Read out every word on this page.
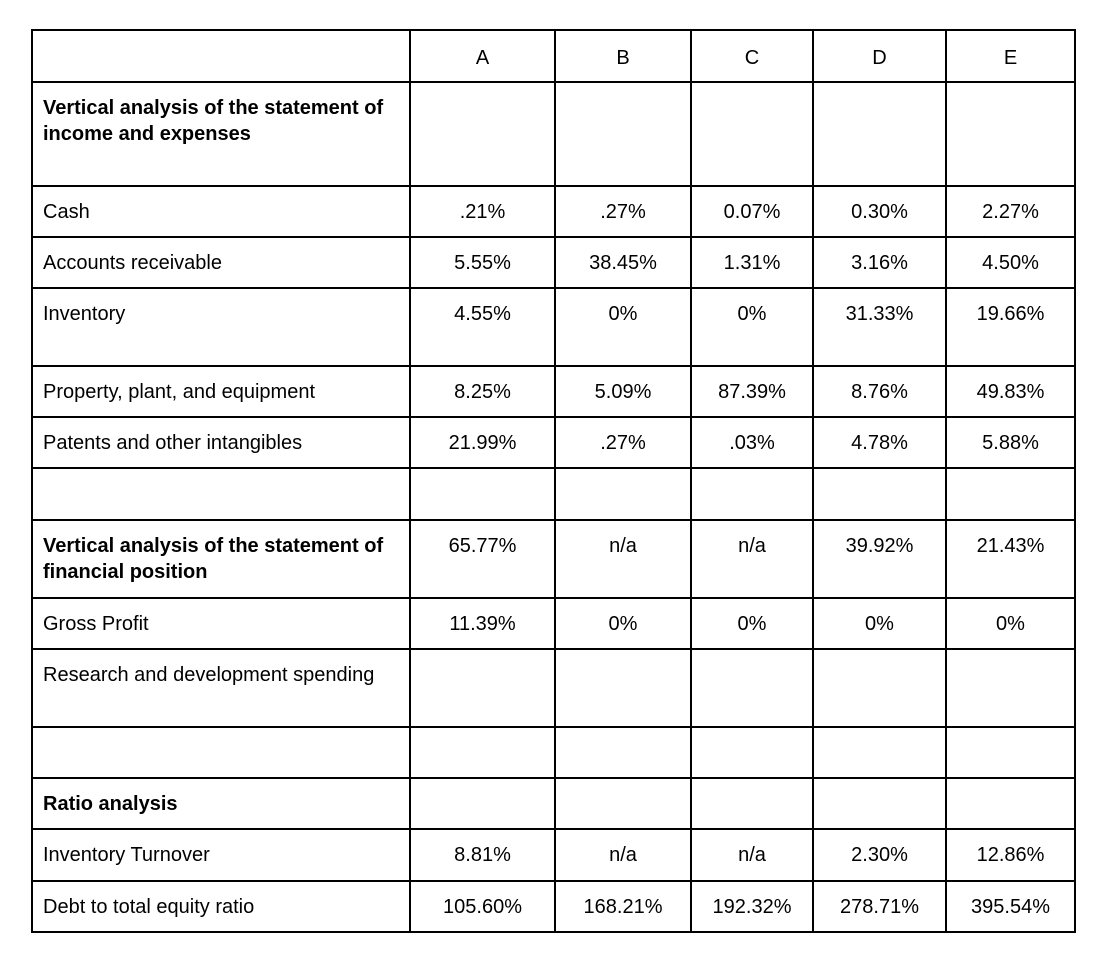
	A	B	C	D	E
Vertical analysis of the statement of income and expenses					
Cash	.21%	.27%	0.07%	0.30%	2.27%
Accounts receivable	5.55%	38.45%	1.31%	3.16%	4.50%
Inventory	4.55%	0%	0%	31.33%	19.66%
Property, plant, and equipment	8.25%	5.09%	87.39%	8.76%	49.83%
Patents and other intangibles	21.99%	.27%	.03%	4.78%	5.88%

Vertical analysis of the statement of financial position	65.77%	n/a	n/a	39.92%	21.43%
Gross Profit	11.39%	0%	0%	0%	0%
Research and development spending					

Ratio analysis					
Inventory Turnover	8.81%	n/a	n/a	2.30%	12.86%
Debt to total equity ratio	105.60%	168.21%	192.32%	278.71%	395.54%
